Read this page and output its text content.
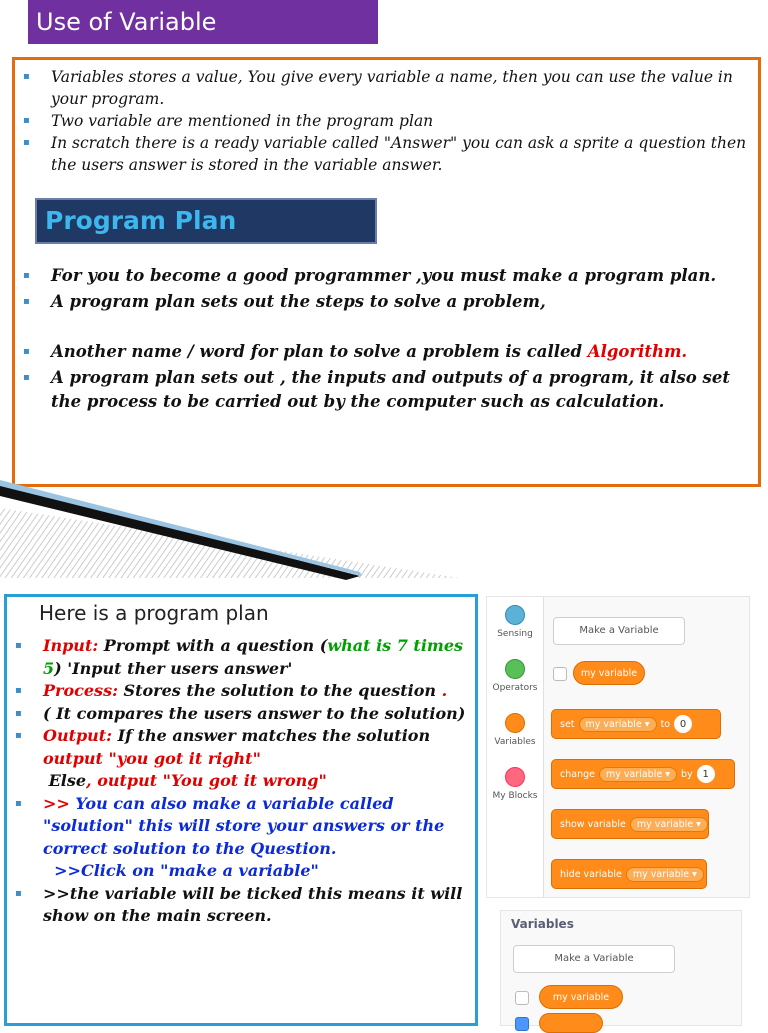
Use of Variable
▪ Variables stores a value, You give every variable a name, then you can use the value in your program.
▪ Two variable are mentioned in the program plan
▪ In scratch there is a ready variable called "Answer" you can ask a sprite a question then the users answer is stored in the variable answer.
Program Plan
▪ For you to become a good programmer ,you must make a program plan.
▪ A program plan sets out the steps to solve a problem,
▪ Another name / word for plan to solve a problem is called Algorithm.
▪ A program plan sets out , the inputs and outputs of a program, it also set the process to be carried out by the computer such as calculation.
Here is a program plan
▪ Input: Prompt with a question (what is 7 times 5) 'Input ther users answer'
▪ Process: Stores the solution to the question .
▪ ( It compares the users answer to the solution)
▪ Output: If the answer matches the solution output "you got it right"
Else, output "You got it wrong"
▪ >> You can also make a variable called "solution" this will store your answers or the correct solution to the Question.
>>Click on "make a variable"
▪ >>the variable will be ticked this means it will show on the main screen.
Sensing
Operators
Variables
My Blocks
Make a Variable
my variable
set	my variable ▾	to 0
change	my variable ▾	by 1
show variable	my variable ▾
hide variable	my variable ▾
Variables
Make a Variable
my variable
